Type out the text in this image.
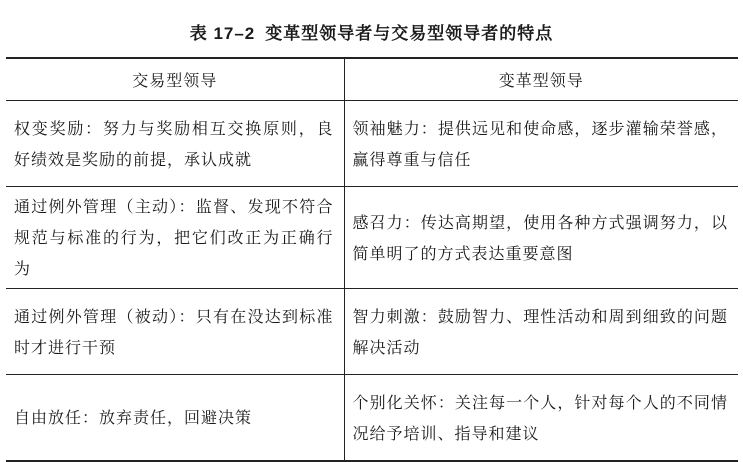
表 17–2 变革型领导者与交易型领导者的特点
交易型领导	变革型领导
权变奖励：努力与奖励相互交换原则，良好绩效是奖励的前提，承认成就	领袖魅力：提供远见和使命感，逐步灌输荣誉感，赢得尊重与信任
通过例外管理（主动）：监督、发现不符合规范与标准的行为，把它们改正为正确行为	感召力：传达高期望，使用各种方式强调努力，以简单明了的方式表达重要意图
通过例外管理（被动）：只有在没达到标准时才进行干预	智力刺激：鼓励智力、理性活动和周到细致的问题解决活动
自由放任：放弃责任，回避决策	个别化关怀：关注每一个人，针对每个人的不同情况给予培训、指导和建议
